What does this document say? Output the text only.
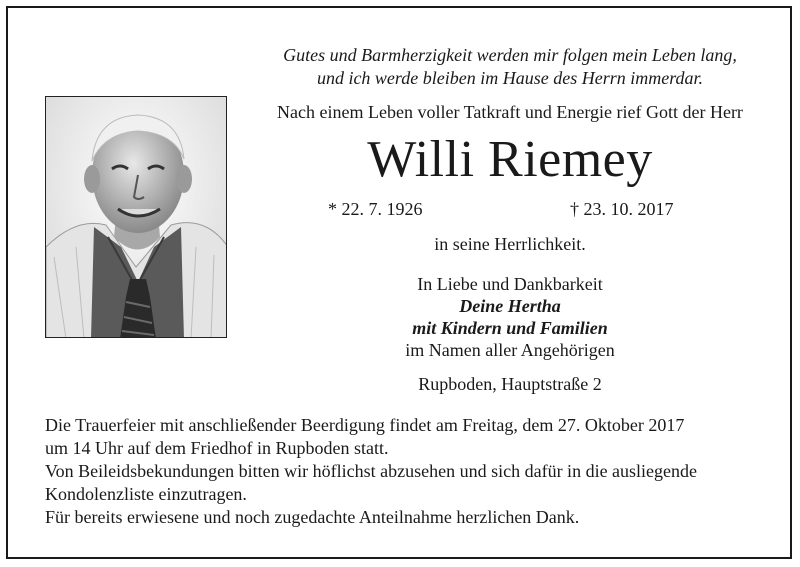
Gutes und Barmherzigkeit werden mir folgen mein Leben lang,
und ich werde bleiben im Hause des Herrn immerdar.
Nach einem Leben voller Tatkraft und Energie rief Gott der Herr
Willi Riemey
* 22. 7. 1926	† 23. 10. 2017
in seine Herrlichkeit.
In Liebe und Dankbarkeit
Deine Hertha
mit Kindern und Familien
im Namen aller Angehörigen
Rupboden, Hauptstraße 2
Die Trauerfeier mit anschließender Beerdigung findet am Freitag, dem 27. Oktober 2017
um 14 Uhr auf dem Friedhof in Rupboden statt.
Von Beileidsbekundungen bitten wir höflichst abzusehen und sich dafür in die ausliegende
Kondolenzliste einzutragen.
Für bereits erwiesene und noch zugedachte Anteilnahme herzlichen Dank.
